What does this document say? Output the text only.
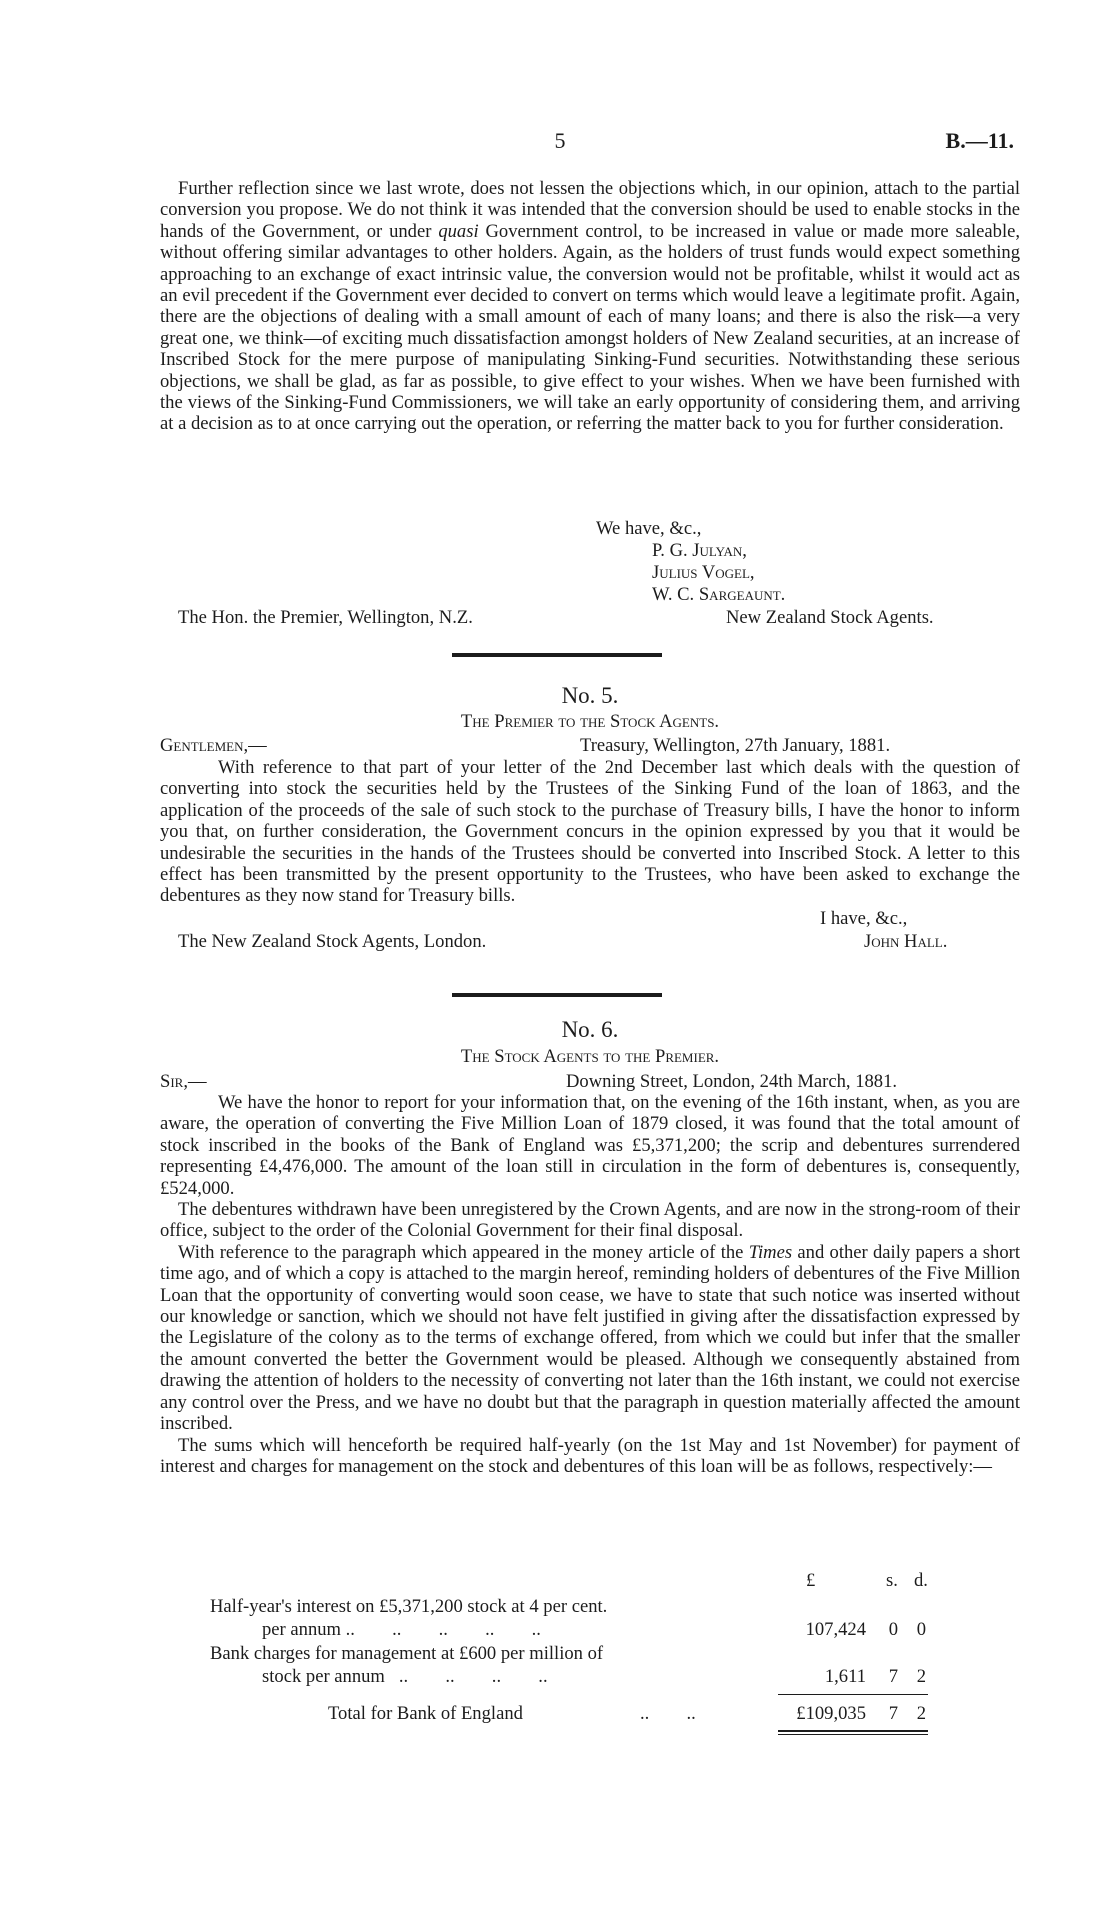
5	B.—11.

Further reflection since we last wrote, does not lessen the objections which, in our opinion, attach to the partial conversion you propose. We do not think it was intended that the conversion should be used to enable stocks in the hands of the Government, or under quasi Government control, to be increased in value or made more saleable, without offering similar advantages to other holders. Again, as the holders of trust funds would expect something approaching to an exchange of exact intrinsic value, the conversion would not be profitable, whilst it would act as an evil precedent if the Government ever decided to convert on terms which would leave a legitimate profit. Again, there are the objections of dealing with a small amount of each of many loans; and there is also the risk—a very great one, we think—of exciting much dissatisfaction amongst holders of New Zealand securities, at an increase of Inscribed Stock for the mere purpose of manipulating Sinking-Fund securities. Notwithstanding these serious objections, we shall be glad, as far as possible, to give effect to your wishes. When we have been furnished with the views of the Sinking-Fund Commissioners, we will take an early opportunity of considering them, and arriving at a decision as to at once carrying out the operation, or referring the matter back to you for further consideration.

We have, &c.,
P. G. Julyan,
Julius Vogel,
W. C. Sargeaunt.
The Hon. the Premier, Wellington, N.Z.	New Zealand Stock Agents.
No. 5.
The Premier to the Stock Agents.
Gentlemen,—	Treasury, Wellington, 27th January, 1881.

With reference to that part of your letter of the 2nd December last which deals with the question of converting into stock the securities held by the Trustees of the Sinking Fund of the loan of 1863, and the application of the proceeds of the sale of such stock to the purchase of Treasury bills, I have the honor to inform you that, on further consideration, the Government concurs in the opinion expressed by you that it would be undesirable the securities in the hands of the Trustees should be converted into Inscribed Stock. A letter to this effect has been transmitted by the present opportunity to the Trustees, who have been asked to exchange the debentures as they now stand for Treasury bills.

I have, &c.,
The New Zealand Stock Agents, London.	John Hall.
No. 6.
The Stock Agents to the Premier.
Sir,—	Downing Street, London, 24th March, 1881.

We have the honor to report for your information that, on the evening of the 16th instant, when, as you are aware, the operation of converting the Five Million Loan of 1879 closed, it was found that the total amount of stock inscribed in the books of the Bank of England was £5,371,200; the scrip and debentures surrendered representing £4,476,000. The amount of the loan still in circulation in the form of debentures is, consequently, £524,000.

The debentures withdrawn have been unregistered by the Crown Agents, and are now in the strong-room of their office, subject to the order of the Colonial Government for their final disposal.

With reference to the paragraph which appeared in the money article of the Times and other daily papers a short time ago, and of which a copy is attached to the margin hereof, reminding holders of debentures of the Five Million Loan that the opportunity of converting would soon cease, we have to state that such notice was inserted without our knowledge or sanction, which we should not have felt justified in giving after the dissatisfaction expressed by the Legislature of the colony as to the terms of exchange offered, from which we could but infer that the smaller the amount converted the better the Government would be pleased. Although we consequently abstained from drawing the attention of holders to the necessity of converting not later than the 16th instant, we could not exercise any control over the Press, and we have no doubt but that the paragraph in question materially affected the amount inscribed.

The sums which will henceforth be required half-yearly (on the 1st May and 1st November) for payment of interest and charges for management on the stock and debentures of this loan will be as follows, respectively:—

£	s. d.
Half-year's interest on £5,371,200 stock at 4 per cent.
per annum ..        ..        ..        ..        ..	107,424	0	0
Bank charges for management at £600 per million of
stock per annum   ..        ..        ..        ..	1,611	7	2
Total for Bank of England	..        ..	£109,035	7	2
